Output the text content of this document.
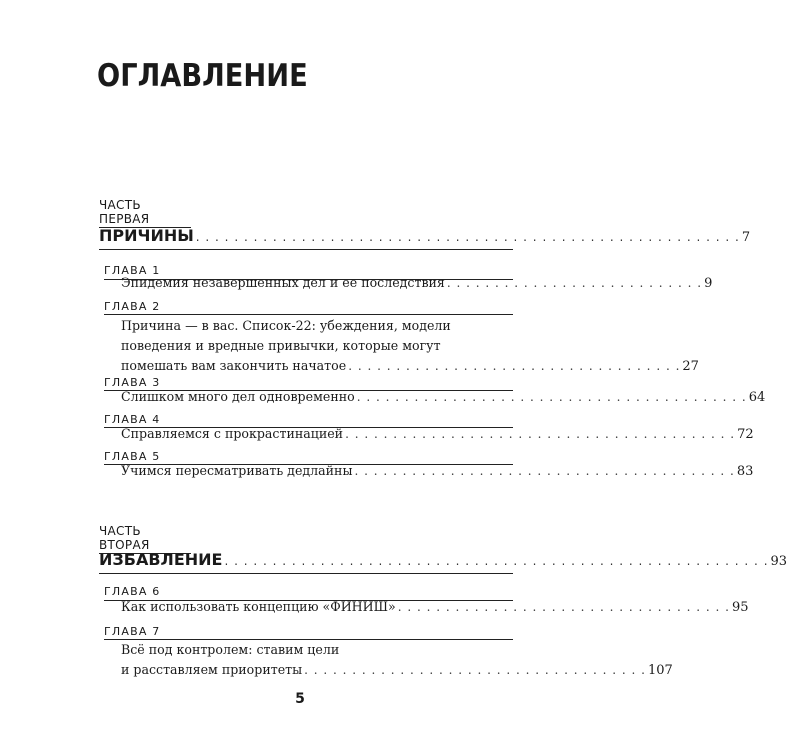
ОГЛАВЛЕНИЕ
ЧАСТЬ ПЕРВАЯ
ПРИЧИНЫ . . . . . . . . . . . . . . . . . . . . . . . . . . . . . . . . . . . . . . . . . . . . . . . . . . . . . . . . . 7
ГЛАВА 1
Эпидемия незавершенных дел и ее последствия . . . . . . . . . . . . . . . . . . . . . . . . . . . 9
ГЛАВА 2
Причина — в вас. Список-22: убеждения, модели
поведения и вредные привычки, которые могут
помешать вам закончить начатое . . . . . . . . . . . . . . . . . . . . . . . . . . . . . . . . . . . 27
ГЛАВА 3
Слишком много дел одновременно . . . . . . . . . . . . . . . . . . . . . . . . . . . . . . . . . . . . . . . . . 64
ГЛАВА 4
Справляемся с прокрастинацией . . . . . . . . . . . . . . . . . . . . . . . . . . . . . . . . . . . . . . . . . 72
ГЛАВА 5
Учимся пересматривать дедлайны . . . . . . . . . . . . . . . . . . . . . . . . . . . . . . . . . . . . . . . . 83
ЧАСТЬ ВТОРАЯ
ИЗБАВЛЕНИЕ . . . . . . . . . . . . . . . . . . . . . . . . . . . . . . . . . . . . . . . . . . . . . . . . . . . . . . . . . 93
ГЛАВА 6
Как использовать концепцию «ФИНИШ» . . . . . . . . . . . . . . . . . . . . . . . . . . . . . . . . . . . 95
ГЛАВА 7
Всё под контролем: ставим цели
и расставляем приоритеты . . . . . . . . . . . . . . . . . . . . . . . . . . . . . . . . . . . . 107
5
